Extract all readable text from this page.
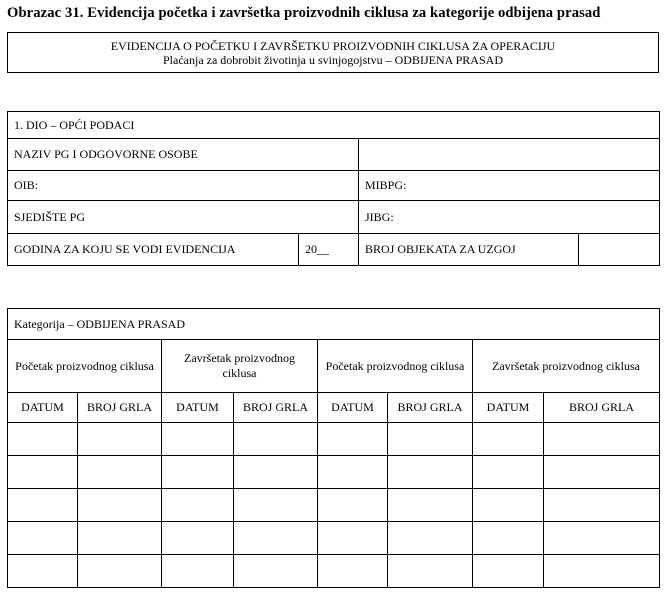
Obrazac 31. Evidencija početka i završetka proizvodnih ciklusa za kategorije odbijena prasad
EVIDENCIJA O POČETKU I ZAVRŠETKU PROIZVODNIH CIKLUSA ZA OPERACIJU
Plaćanja za dobrobit životinja u svinjogojstvu – ODBIJENA PRASAD
1. DIO – OPĆI PODACI			
NAZIV PG I ODGOVORNE OSOBE			
OIB:		MIBPG:	
SJEDIŠTE PG		JIBG:	
GODINA ZA KOJU SE VODI EVIDENCIJA	20__	BROJ OBJEKATA ZA UZGOJ	
Kategorija – ODBIJENA PRASAD							
Početak proizvodnog ciklusa		Završetak proizvodnog ciklusa		Početak proizvodnog ciklusa		Završetak proizvodnog ciklusa	
DATUM	BROJ GRLA	DATUM	BROJ GRLA	DATUM	BROJ GRLA	DATUM	BROJ GRLA
